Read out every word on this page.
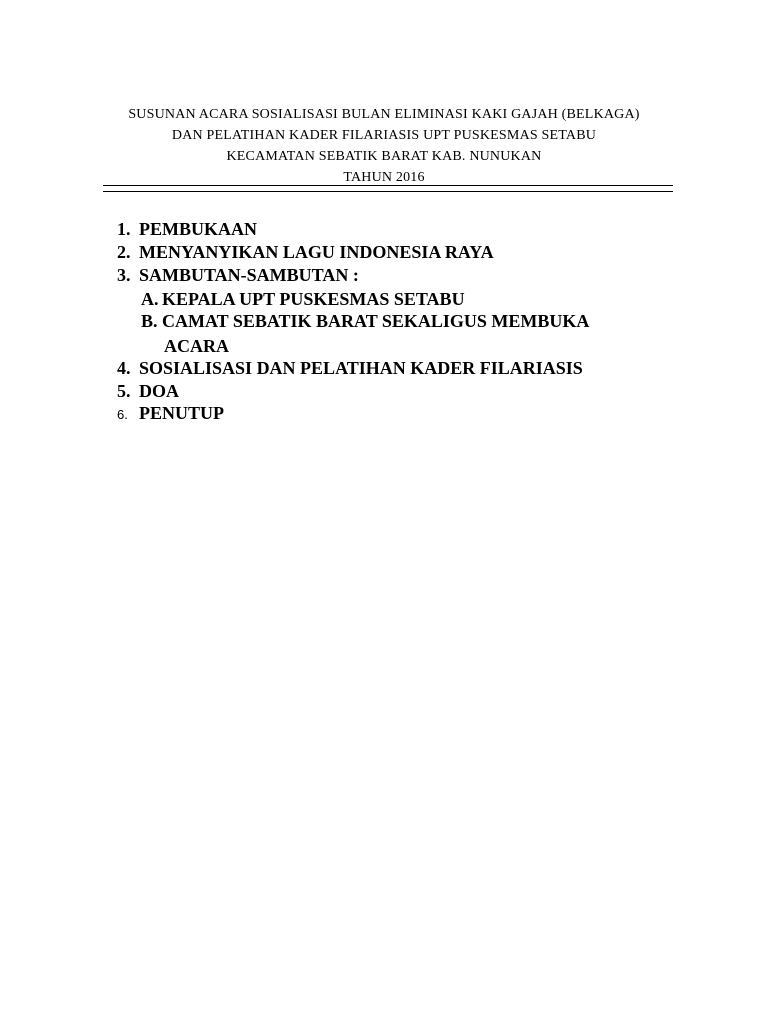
SUSUNAN ACARA SOSIALISASI BULAN ELIMINASI KAKI GAJAH (BELKAGA)
DAN PELATIHAN KADER FILARIASIS UPT PUSKESMAS SETABU
KECAMATAN SEBATIK BARAT KAB. NUNUKAN
TAHUN 2016
1. PEMBUKAAN
2. MENYANYIKAN LAGU INDONESIA RAYA
3. SAMBUTAN-SAMBUTAN :
A. KEPALA UPT PUSKESMAS SETABU
B. CAMAT SEBATIK BARAT SEKALIGUS MEMBUKA
ACARA
4. SOSIALISASI DAN PELATIHAN KADER FILARIASIS
5. DOA
6. PENUTUP
